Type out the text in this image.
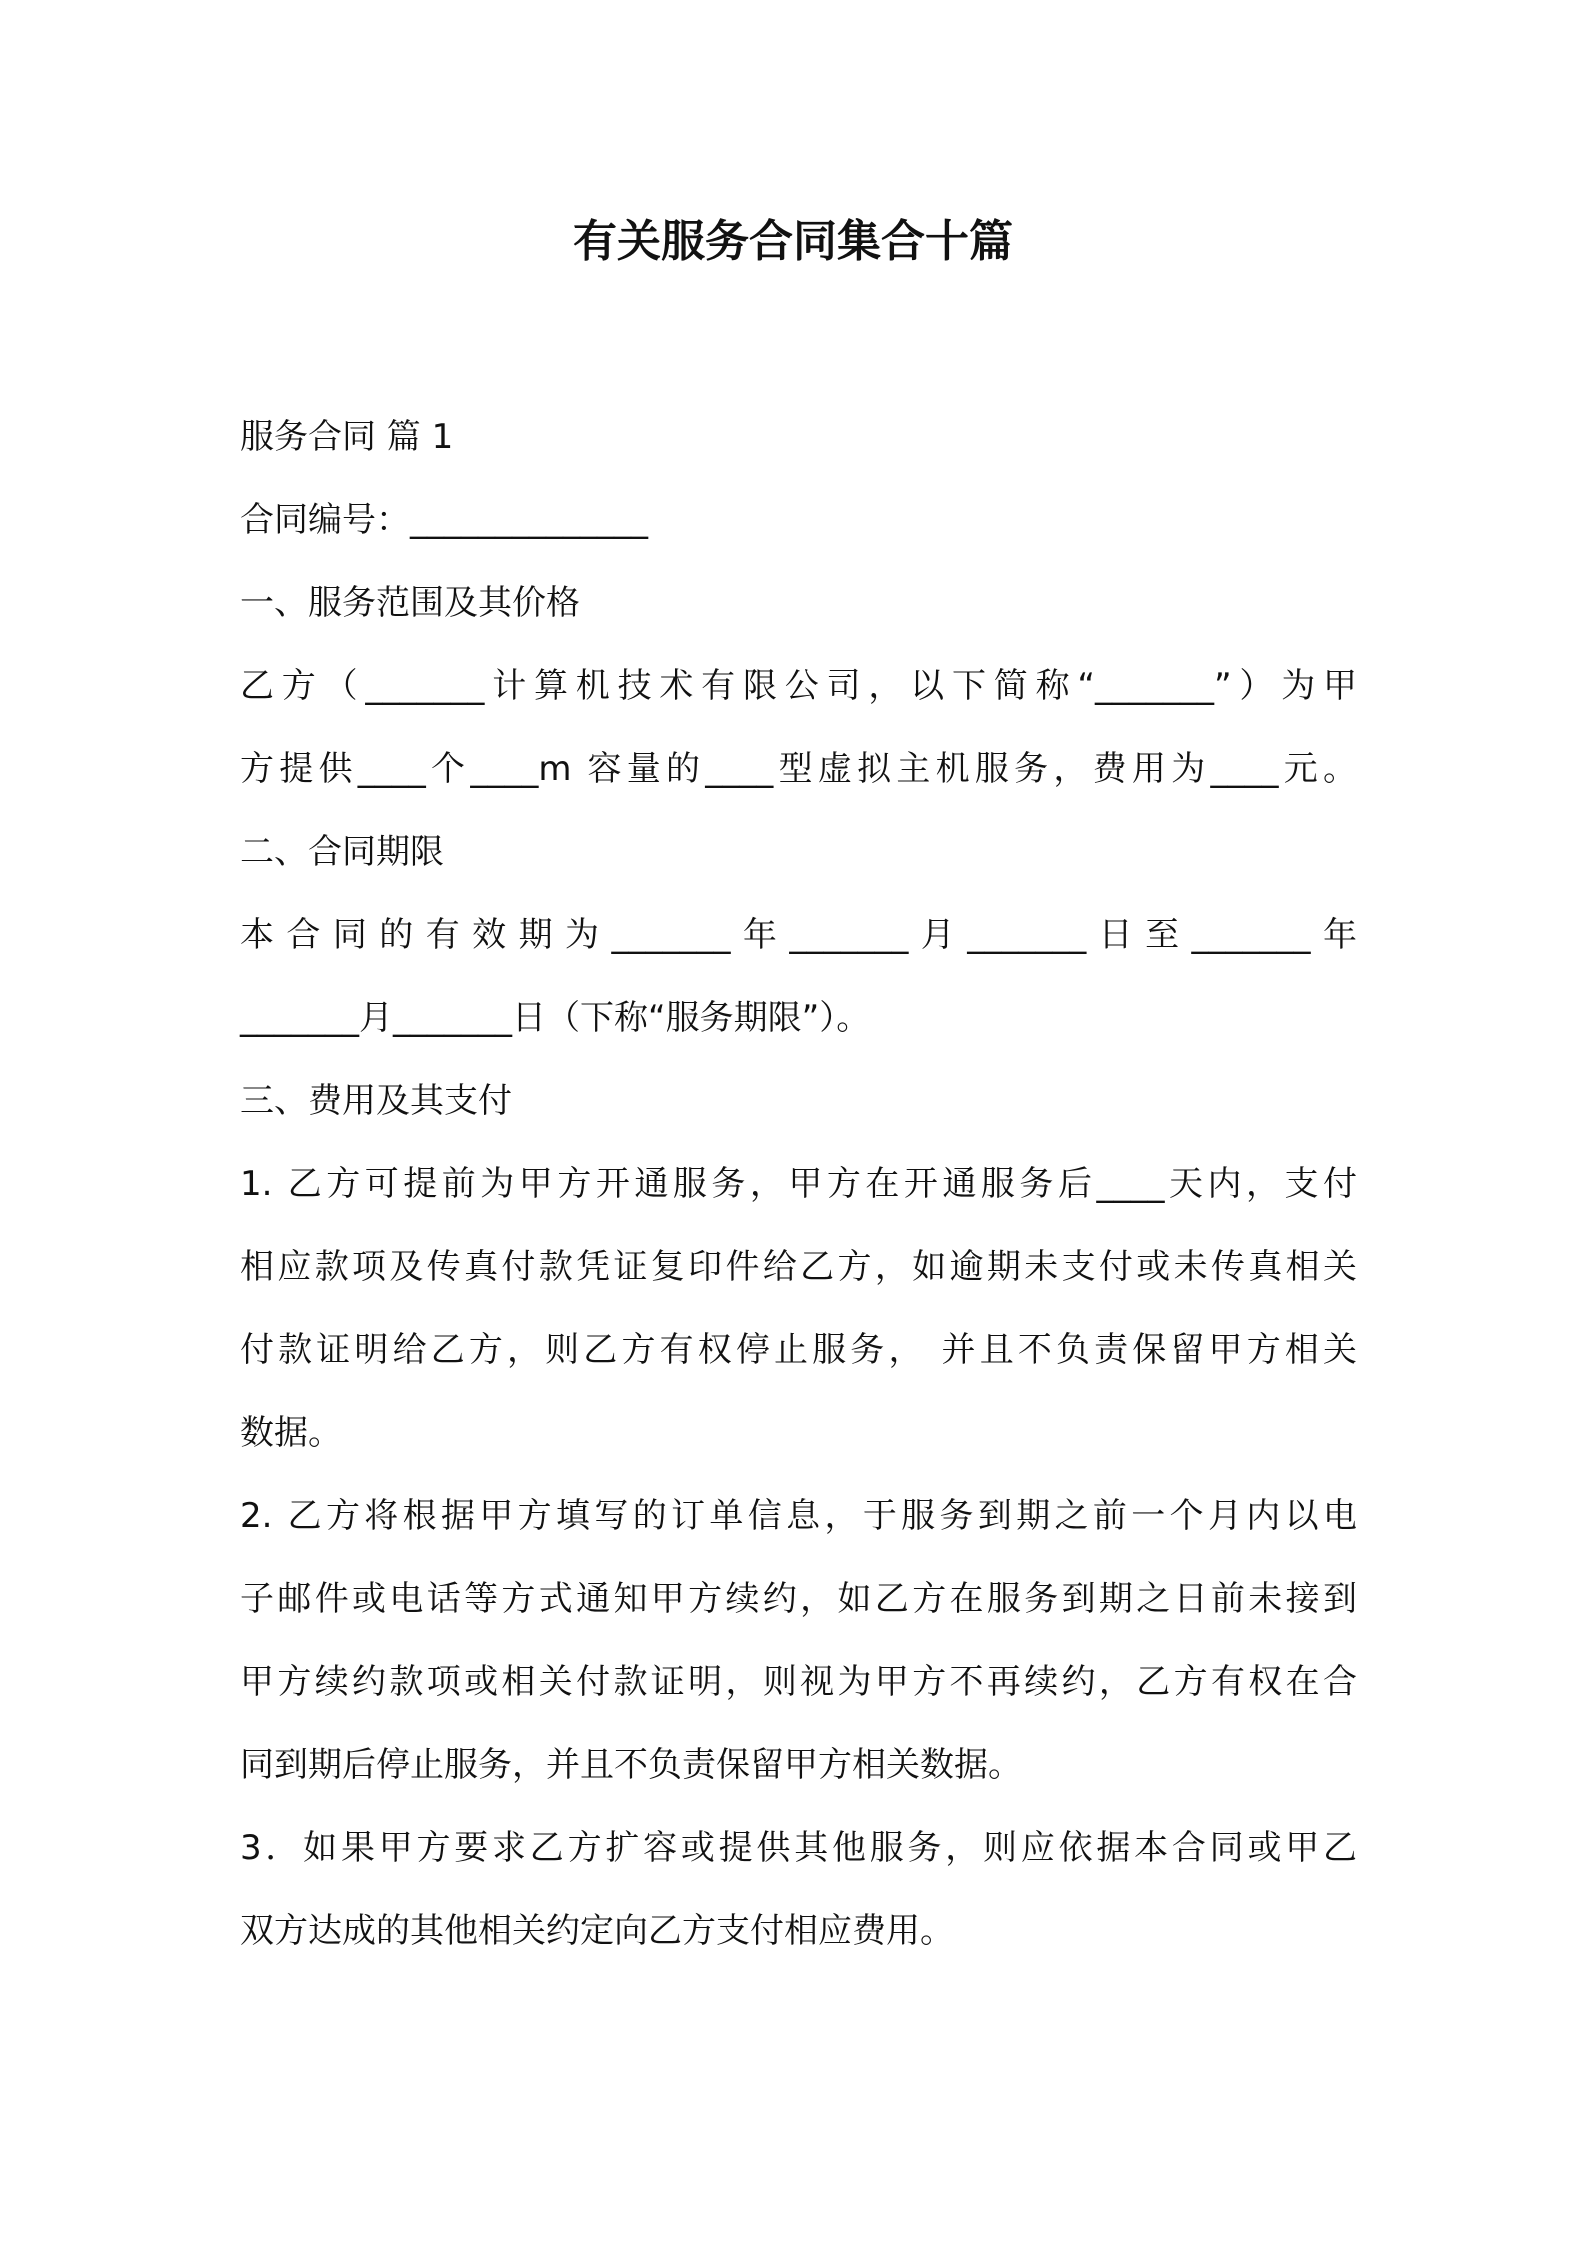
有关服务合同集合十篇
服务合同 篇 1
合同编号：______________
一、服务范围及其价格
乙方（_______计算机技术有限公司，以下简称“_______”）为甲
方提供____个____m 容量的____型虚拟主机服务，费用为____元。
二、合同期限
本合同的有效期为_______年_______月_______日至_______年
_______月_______日（下称“服务期限”）。
三、费用及其支付
1. 乙方可提前为甲方开通服务，甲方在开通服务后____天内，支付
相应款项及传真付款凭证复印件给乙方，如逾期未支付或未传真相关
付款证明给乙方，则乙方有权停止服务， 并且不负责保留甲方相关
数据。
2. 乙方将根据甲方填写的订单信息，于服务到期之前一个月内以电
子邮件或电话等方式通知甲方续约，如乙方在服务到期之日前未接到
甲方续约款项或相关付款证明，则视为甲方不再续约，乙方有权在合
同到期后停止服务，并且不负责保留甲方相关数据。
3．如果甲方要求乙方扩容或提供其他服务，则应依据本合同或甲乙
双方达成的其他相关约定向乙方支付相应费用。
